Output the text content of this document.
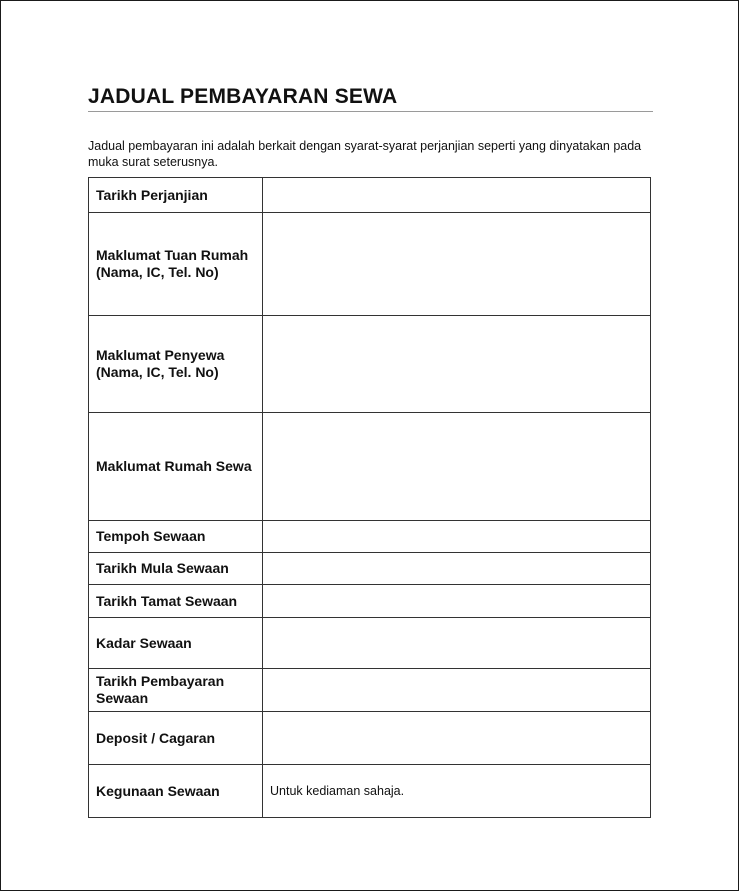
JADUAL PEMBAYARAN SEWA
Jadual pembayaran ini adalah berkait dengan syarat-syarat perjanjian seperti yang dinyatakan pada
muka surat seterusnya.
Tarikh Perjanjian	
Maklumat Tuan Rumah (Nama, IC, Tel. No)	
Maklumat Penyewa (Nama, IC, Tel. No)	
Maklumat Rumah Sewa	
Tempoh Sewaan	
Tarikh Mula Sewaan	
Tarikh Tamat Sewaan	
Kadar Sewaan	
Tarikh Pembayaran Sewaan	
Deposit / Cagaran	
Kegunaan Sewaan	Untuk kediaman sahaja.
